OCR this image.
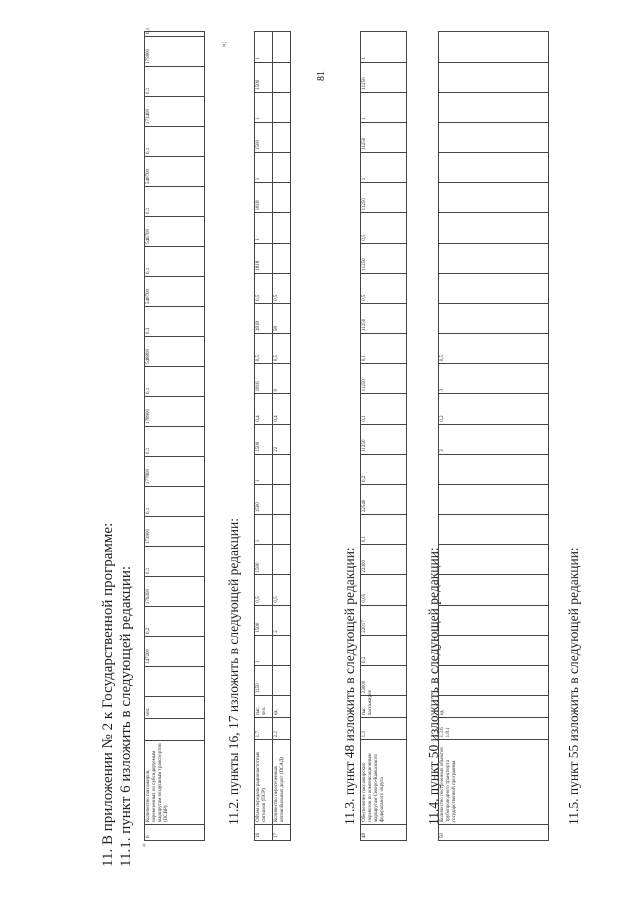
81
11. В приложении № 2 к Государственной программе: 11.1. пункт 6 изложить в следующей редакции: 6	Количество пассажиров, перевезенных по субсидируемым маршрутам воздушным транспортом (ПСВР)		чел.		147200	0,2	176300	0,1	173900	0,1	177800	0,1	178900	0,1	548800	0,3	546700	0,1	546700	0,1	546700	0,1	173400	0,1	175800	0,1
11.2. пункты 16, 17 изложить в следующей редакции:
16	Объем передачи радиочастотных сигналов (ПСР)	1.7	тыс. чел.	1150	1	1500	0,5	1500	1	1500	1	1500	0,4	1816	0,5	1818	0,5	1818	1	1818	1	1500	1	1500	1
17	Количество пересеченных автомобильных дорог (ПСАД)	2.2	ед.			2	0,5					22	0,4	0	0,5	58	0,5								
11.3. пункт 48 изложить в следующей редакции:
48	Обеспечение пассажирских перевозок по компенсационным маршрутам Северо-Кавказского федерального округа	1.3	тыс. пассажиров	23000	0,2	22017	0,05	22300	0,1	22540	0,2	11250	0,1	11250	0,1	11250	0,5	11250	0,5	11250	1	11250	1	11250	1
11.4. пункт 50 изложить в следующей редакции:
50	Количество построенных объектов трубопроводного транспорта государственной программы	1.3.6 1.8.1	ед.									3	0,2	3	0,5										
11.5. пункт 55 изложить в следующей редакции:
«
»;
